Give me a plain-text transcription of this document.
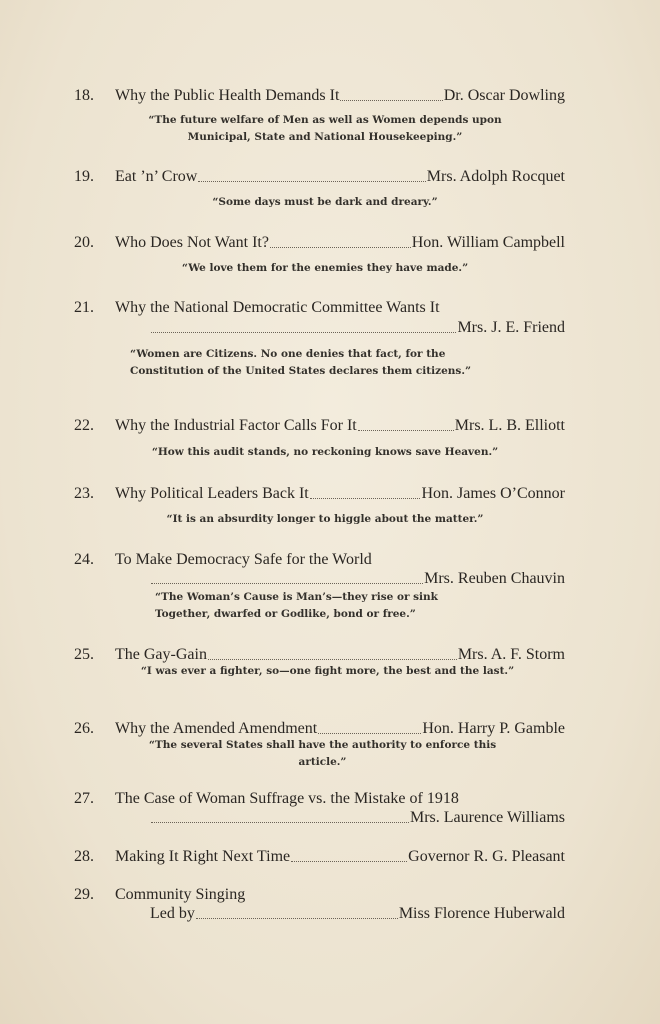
18.	Why the Public Health Demands It	Dr. Oscar Dowling
“The future welfare of Men as well as Women depends upon Municipal, State and National Housekeeping.”
19.	Eat ’n’ Crow	Mrs. Adolph Rocquet
“Some days must be dark and dreary.”
20.	Who Does Not Want It?	Hon. William Campbell
“We love them for the enemies they have made.”
21.	Why the National Democratic Committee Wants It
Mrs. J. E. Friend
“Women are Citizens. No one denies that fact, for the Constitution of the United States declares them citizens.”
22.	Why the Industrial Factor Calls For It	Mrs. L. B. Elliott
“How this audit stands, no reckoning knows save Heaven.”
23.	Why Political Leaders Back It	Hon. James O’Connor
“It is an absurdity longer to higgle about the matter.”
24.	To Make Democracy Safe for the World
Mrs. Reuben Chauvin
“The Woman’s Cause is Man’s—they rise or sink Together, dwarfed or Godlike, bond or free.”
25.	The Gay-Gain	Mrs. A. F. Storm
“I was ever a fighter, so—one fight more, the best and the last.”
26.	Why the Amended Amendment	Hon. Harry P. Gamble
“The several States shall have the authority to enforce this article.”
27.	The Case of Woman Suffrage vs. the Mistake of 1918
Mrs. Laurence Williams
28.	Making It Right Next Time	Governor R. G. Pleasant
29.	Community Singing
Led by	Miss Florence Huberwald
